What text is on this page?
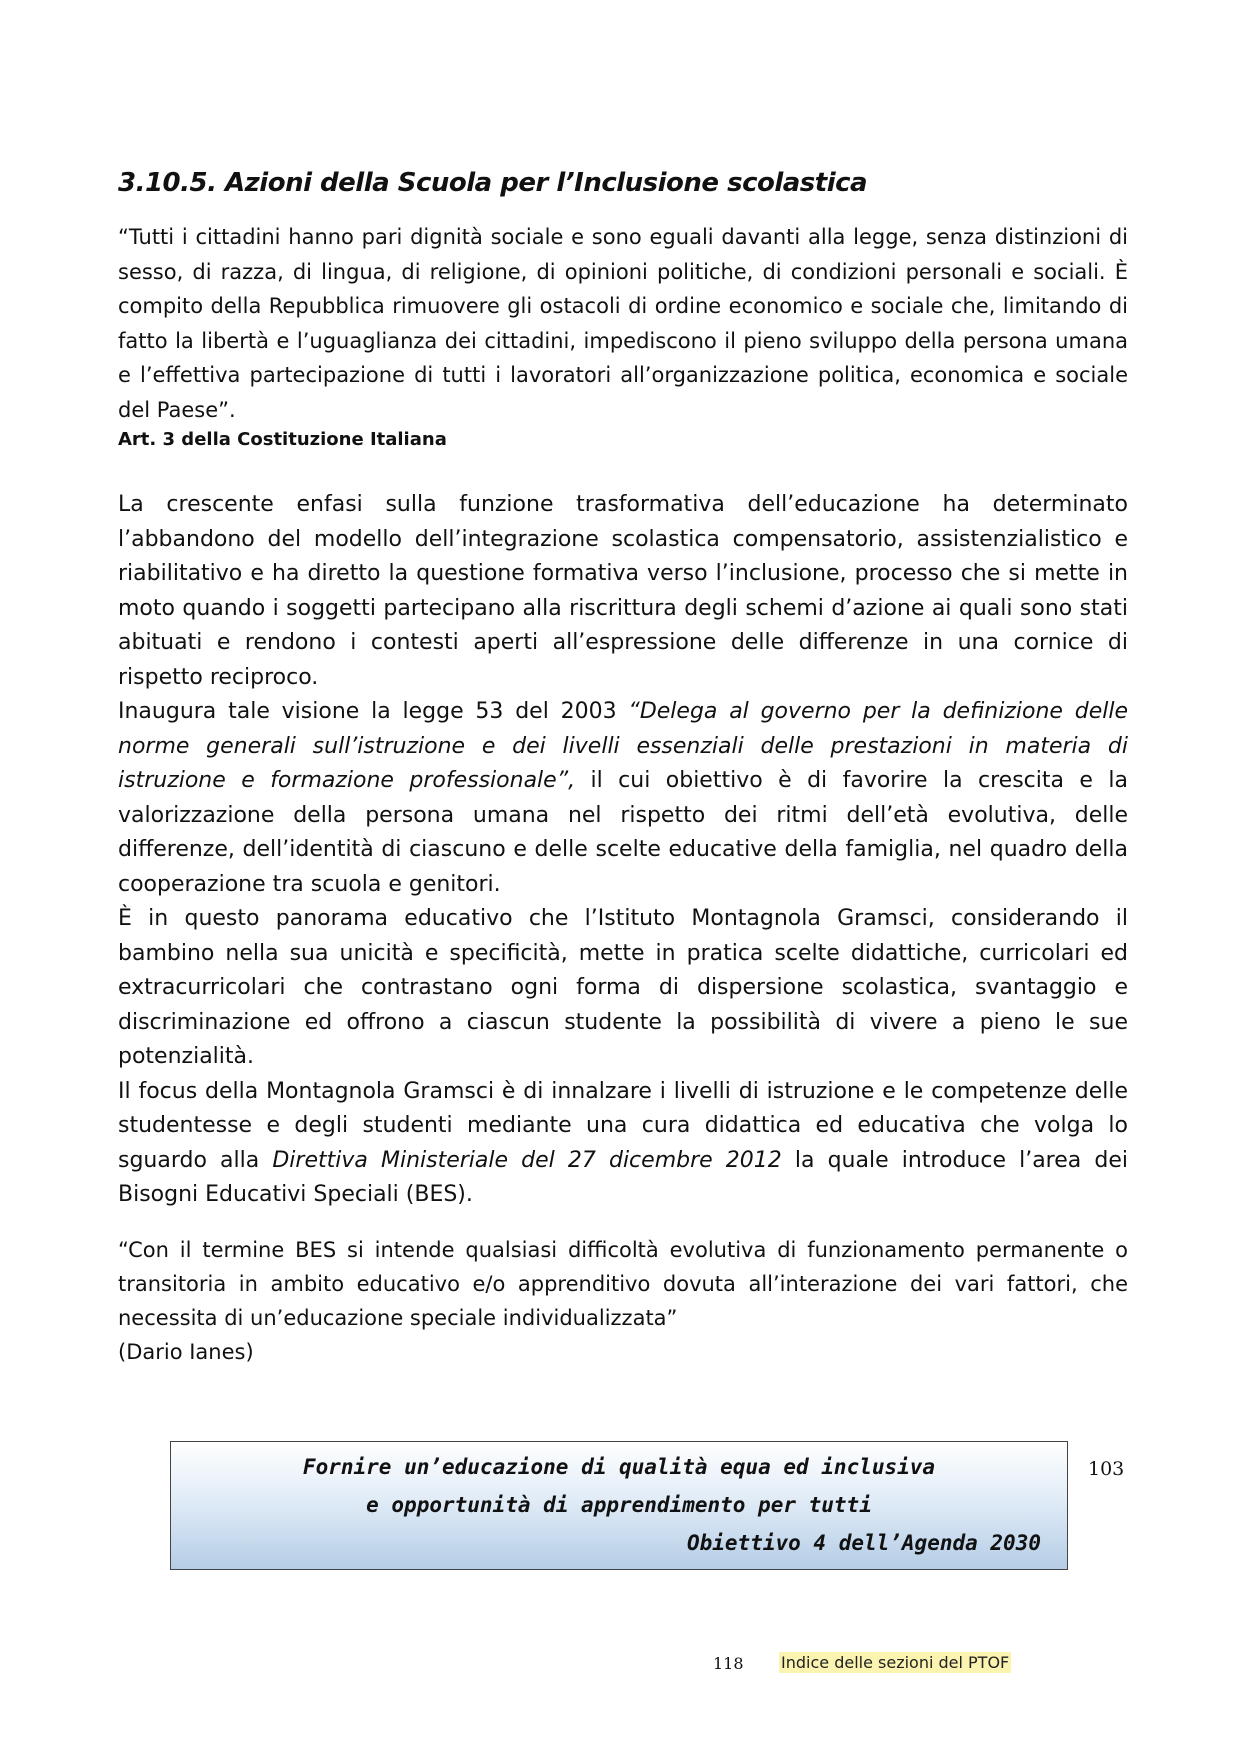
3.10.5. Azioni della Scuola per l’Inclusione scolastica

“Tutti i cittadini hanno pari dignità sociale e sono eguali davanti alla legge, senza distinzioni di sesso, di razza, di lingua, di religione, di opinioni politiche, di condizioni personali e sociali. È compito della Repubblica rimuovere gli ostacoli di ordine economico e sociale che, limitando di fatto la libertà e l’uguaglianza dei cittadini, impediscono il pieno sviluppo della persona umana e l’effettiva partecipazione di tutti i lavoratori all’organizzazione politica, economica e sociale del Paese”.

Art. 3 della Costituzione Italiana

La crescente enfasi sulla funzione trasformativa dell’educazione ha determinato l’abbandono del modello dell’integrazione scolastica compensatorio, assistenzialistico e riabilitativo e ha diretto la questione formativa verso l’inclusione, processo che si mette in moto quando i soggetti partecipano alla riscrittura degli schemi d’azione ai quali sono stati abituati e rendono i contesti aperti all’espressione delle differenze in una cornice di rispetto reciproco.

Inaugura tale visione la legge 53 del 2003 “Delega al governo per la definizione delle norme generali sull’istruzione e dei livelli essenziali delle prestazioni in materia di istruzione e formazione professionale”, il cui obiettivo è di favorire la crescita e la valorizzazione della persona umana nel rispetto dei ritmi dell’età evolutiva, delle differenze, dell’identità di ciascuno e delle scelte educative della famiglia, nel quadro della cooperazione tra scuola e genitori.

È in questo panorama educativo che l’Istituto Montagnola Gramsci, considerando il bambino nella sua unicità e specificità, mette in pratica scelte didattiche, curricolari ed extracurricolari che contrastano ogni forma di dispersione scolastica, svantaggio e discriminazione ed offrono a ciascun studente la possibilità di vivere a pieno le sue potenzialità.

Il focus della Montagnola Gramsci è di innalzare i livelli di istruzione e le competenze delle studentesse e degli studenti mediante una cura didattica ed educativa che volga lo sguardo alla Direttiva Ministeriale del 27 dicembre 2012 la quale introduce l’area dei Bisogni Educativi Speciali (BES).

“Con il termine BES si intende qualsiasi difficoltà evolutiva di funzionamento permanente o transitoria in ambito educativo e/o apprenditivo dovuta all’interazione dei vari fattori, che necessita di un’educazione speciale individualizzata”

(Dario Ianes)

Fornire un’educazione di qualità equa ed inclusiva
e opportunità di apprendimento per tutti
Obiettivo 4 dell’Agenda 2030
103
118 Indice delle sezioni del PTOF
